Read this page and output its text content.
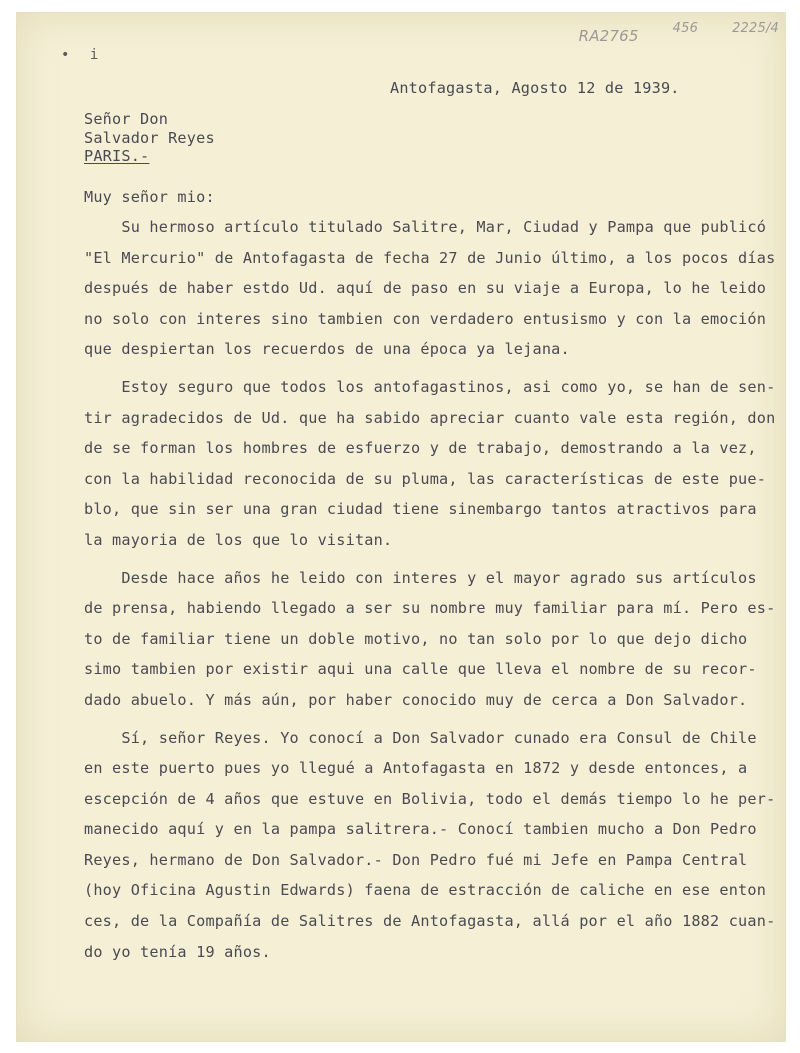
RA2765	456	2225/4
• i
Antofagasta, Agosto 12 de 1939.
Señor Don
Salvador Reyes
PARIS.-
Muy señor mio:
Su hermoso artículo titulado Salitre, Mar, Ciudad y Pampa que publicó
"El Mercurio" de Antofagasta de fecha 27 de Junio último, a los pocos días
después de haber estdo Ud. aquí de paso en su viaje a Europa, lo he leido
no solo con interes sino tambien con verdadero entusismo y con la emoción
que despiertan los recuerdos de una época ya lejana.
Estoy seguro que todos los antofagastinos, asi como yo, se han de sen-
tir agradecidos de Ud. que ha sabido apreciar cuanto vale esta región, don
de se forman los hombres de esfuerzo y de trabajo, demostrando a la vez,
con la habilidad reconocida de su pluma, las características de este pue-
blo, que sin ser una gran ciudad tiene sinembargo tantos atractivos para
la mayoria de los que lo visitan.
Desde hace años he leido con interes y el mayor agrado sus artículos
de prensa, habiendo llegado a ser su nombre muy familiar para mí. Pero es-
to de familiar tiene un doble motivo, no tan solo por lo que dejo dicho
simo tambien por existir aqui una calle que lleva el nombre de su recor-
dado abuelo. Y más aún, por haber conocido muy de cerca a Don Salvador.
Sí, señor Reyes. Yo conocí a Don Salvador cunado era Consul de Chile
en este puerto pues yo llegué a Antofagasta en 1872 y desde entonces, a
escepción de 4 años que estuve en Bolivia, todo el demás tiempo lo he per-
manecido aquí y en la pampa salitrera.- Conocí tambien mucho a Don Pedro
Reyes, hermano de Don Salvador.- Don Pedro fué mi Jefe en Pampa Central
(hoy Oficina Agustin Edwards) faena de estracción de caliche en ese enton
ces, de la Compañía de Salitres de Antofagasta, allá por el año 1882 cuan-
do yo tenía 19 años.
